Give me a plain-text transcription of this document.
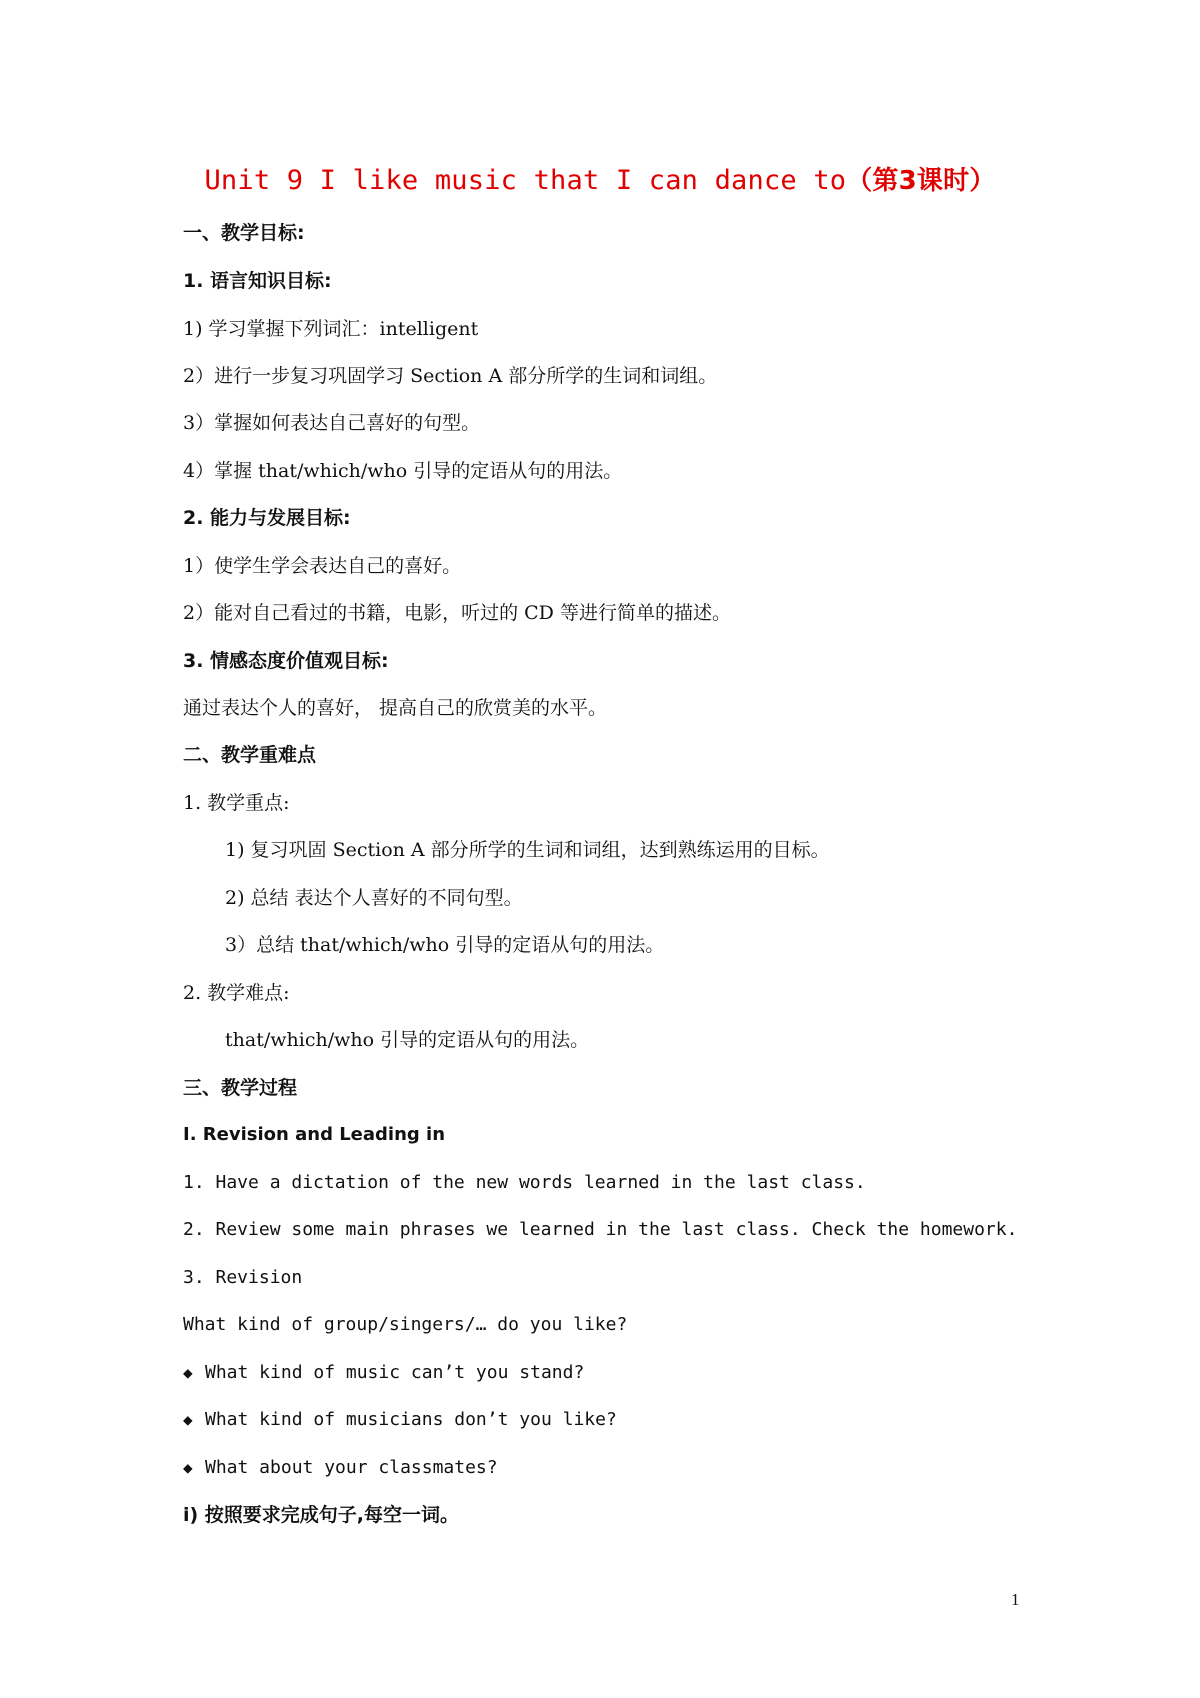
Unit 9 I like music that I can dance to（第3课时）
一、教学目标:
1. 语言知识目标:
1) 学习掌握下列词汇：intelligent
2）进行一步复习巩固学习 Section A 部分所学的生词和词组。
3）掌握如何表达自己喜好的句型。
4）掌握 that/which/who 引导的定语从句的用法。
2. 能力与发展目标:
1）使学生学会表达自己的喜好。
2）能对自己看过的书籍，电影，听过的 CD 等进行简单的描述。
3. 情感态度价值观目标:
通过表达个人的喜好， 提高自己的欣赏美的水平。
二、教学重难点
1. 教学重点:
1) 复习巩固 Section A 部分所学的生词和词组，达到熟练运用的目标。
2) 总结 表达个人喜好的不同句型。
3）总结 that/which/who 引导的定语从句的用法。
2. 教学难点:
that/which/who 引导的定语从句的用法。
三、教学过程
I. Revision and Leading in
1. Have a dictation of the new words learned in the last class.
2. Review some main phrases we learned in the last class. Check the homework.
3. Revision
What kind of group/singers/… do you like?
◆ What kind of music can’t you stand?
◆ What kind of musicians don’t you like?
◆ What about your classmates?
i) 按照要求完成句子,每空一词。
1
